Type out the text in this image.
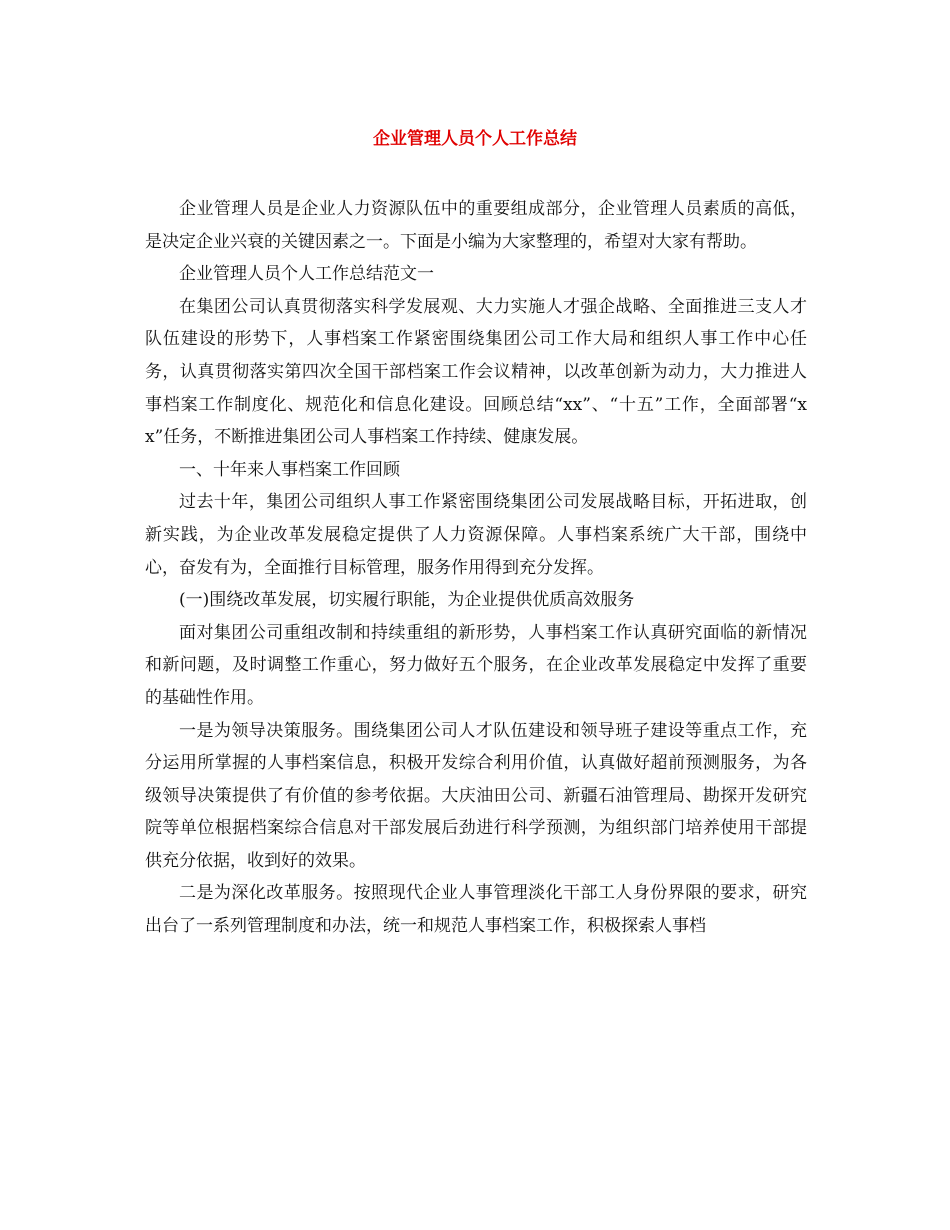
企业管理人员个人工作总结

企业管理人员是企业人力资源队伍中的重要组成部分，企业管理人员素质的高低，是决定企业兴衰的关键因素之一。下面是小编为大家整理的，希望对大家有帮助。

企业管理人员个人工作总结范文一

在集团公司认真贯彻落实科学发展观、大力实施人才强企战略、全面推进三支人才队伍建设的形势下，人事档案工作紧密围绕集团公司工作大局和组织人事工作中心任务，认真贯彻落实第四次全国干部档案工作会议精神，以改革创新为动力，大力推进人事档案工作制度化、规范化和信息化建设。回顾总结“xx”、“十五”工作，全面部署“xx”任务，不断推进集团公司人事档案工作持续、健康发展。

一、十年来人事档案工作回顾

过去十年，集团公司组织人事工作紧密围绕集团公司发展战略目标，开拓进取，创新实践，为企业改革发展稳定提供了人力资源保障。人事档案系统广大干部，围绕中心，奋发有为，全面推行目标管理，服务作用得到充分发挥。

(一)围绕改革发展，切实履行职能，为企业提供优质高效服务

面对集团公司重组改制和持续重组的新形势，人事档案工作认真研究面临的新情况和新问题，及时调整工作重心，努力做好五个服务，在企业改革发展稳定中发挥了重要的基础性作用。

一是为领导决策服务。围绕集团公司人才队伍建设和领导班子建设等重点工作，充分运用所掌握的人事档案信息，积极开发综合利用价值，认真做好超前预测服务，为各级领导决策提供了有价值的参考依据。大庆油田公司、新疆石油管理局、勘探开发研究院等单位根据档案综合信息对干部发展后劲进行科学预测，为组织部门培养使用干部提供充分依据，收到好的效果。

二是为深化改革服务。按照现代企业人事管理淡化干部工人身份界限的要求，研究出台了一系列管理制度和办法，统一和规范人事档案工作，积极探索人事档
